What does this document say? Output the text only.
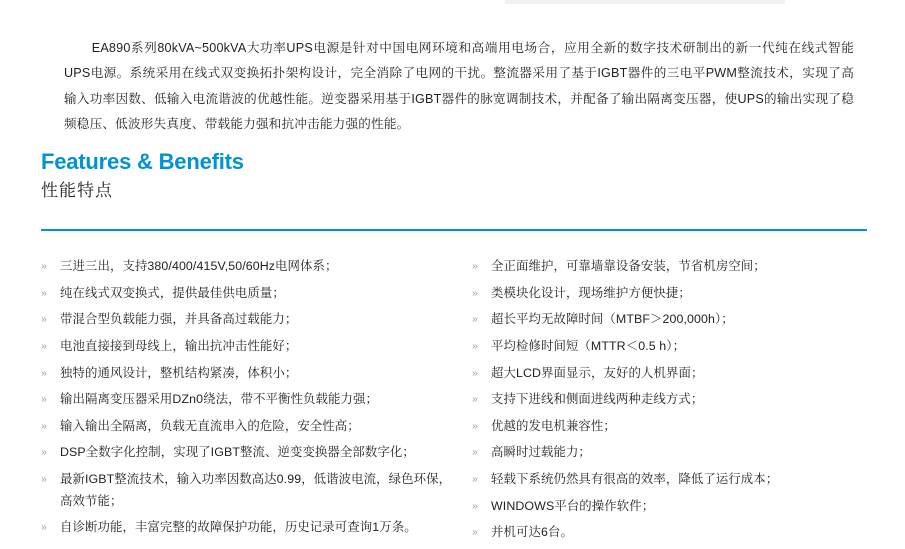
EA890系列80kVA~500kVA大功率UPS电源是针对中国电网环境和高端用电场合，应用全新的数字技术研制出的新一代纯在线式智能UPS电源。系统采用在线式双变换拓扑架构设计，完全消除了电网的干扰。整流器采用了基于IGBT器件的三电平PWM整流技术，实现了高输入功率因数、低输入电流谐波的优越性能。逆变器采用基于IGBT器件的脉宽调制技术，并配备了输出隔离变压器，使UPS的输出实现了稳频稳压、低波形失真度、带载能力强和抗冲击能力强的性能。

Features & Benefits
性能特点
» 三进三出，支持380/400/415V,50/60Hz电网体系；
» 纯在线式双变换式，提供最佳供电质量；
» 带混合型负载能力强，并具备高过载能力；
» 电池直接接到母线上，输出抗冲击性能好；
» 独特的通风设计，整机结构紧凑，体积小；
» 输出隔离变压器采用DZn0绕法，带不平衡性负载能力强；
» 输入输出全隔离，负载无直流串入的危险，安全性高；
» DSP全数字化控制，实现了IGBT整流、逆变变换器全部数字化；
» 最新IGBT整流技术，输入功率因数高达0.99，低谐波电流，绿色环保，高效节能；
» 自诊断功能，丰富完整的故障保护功能，历史记录可查询1万条。
» 全正面维护，可靠墙靠设备安装，节省机房空间；
» 类模块化设计，现场维护方便快捷；
» 超长平均无故障时间（MTBF＞200,000h）；
» 平均检修时间短（MTTR＜0.5 h）；
» 超大LCD界面显示，友好的人机界面；
» 支持下进线和侧面进线两种走线方式；
» 优越的发电机兼容性；
» 高瞬时过载能力；
» 轻载下系统仍然具有很高的效率，降低了运行成本；
» WINDOWS平台的操作软件；
» 并机可达6台。
